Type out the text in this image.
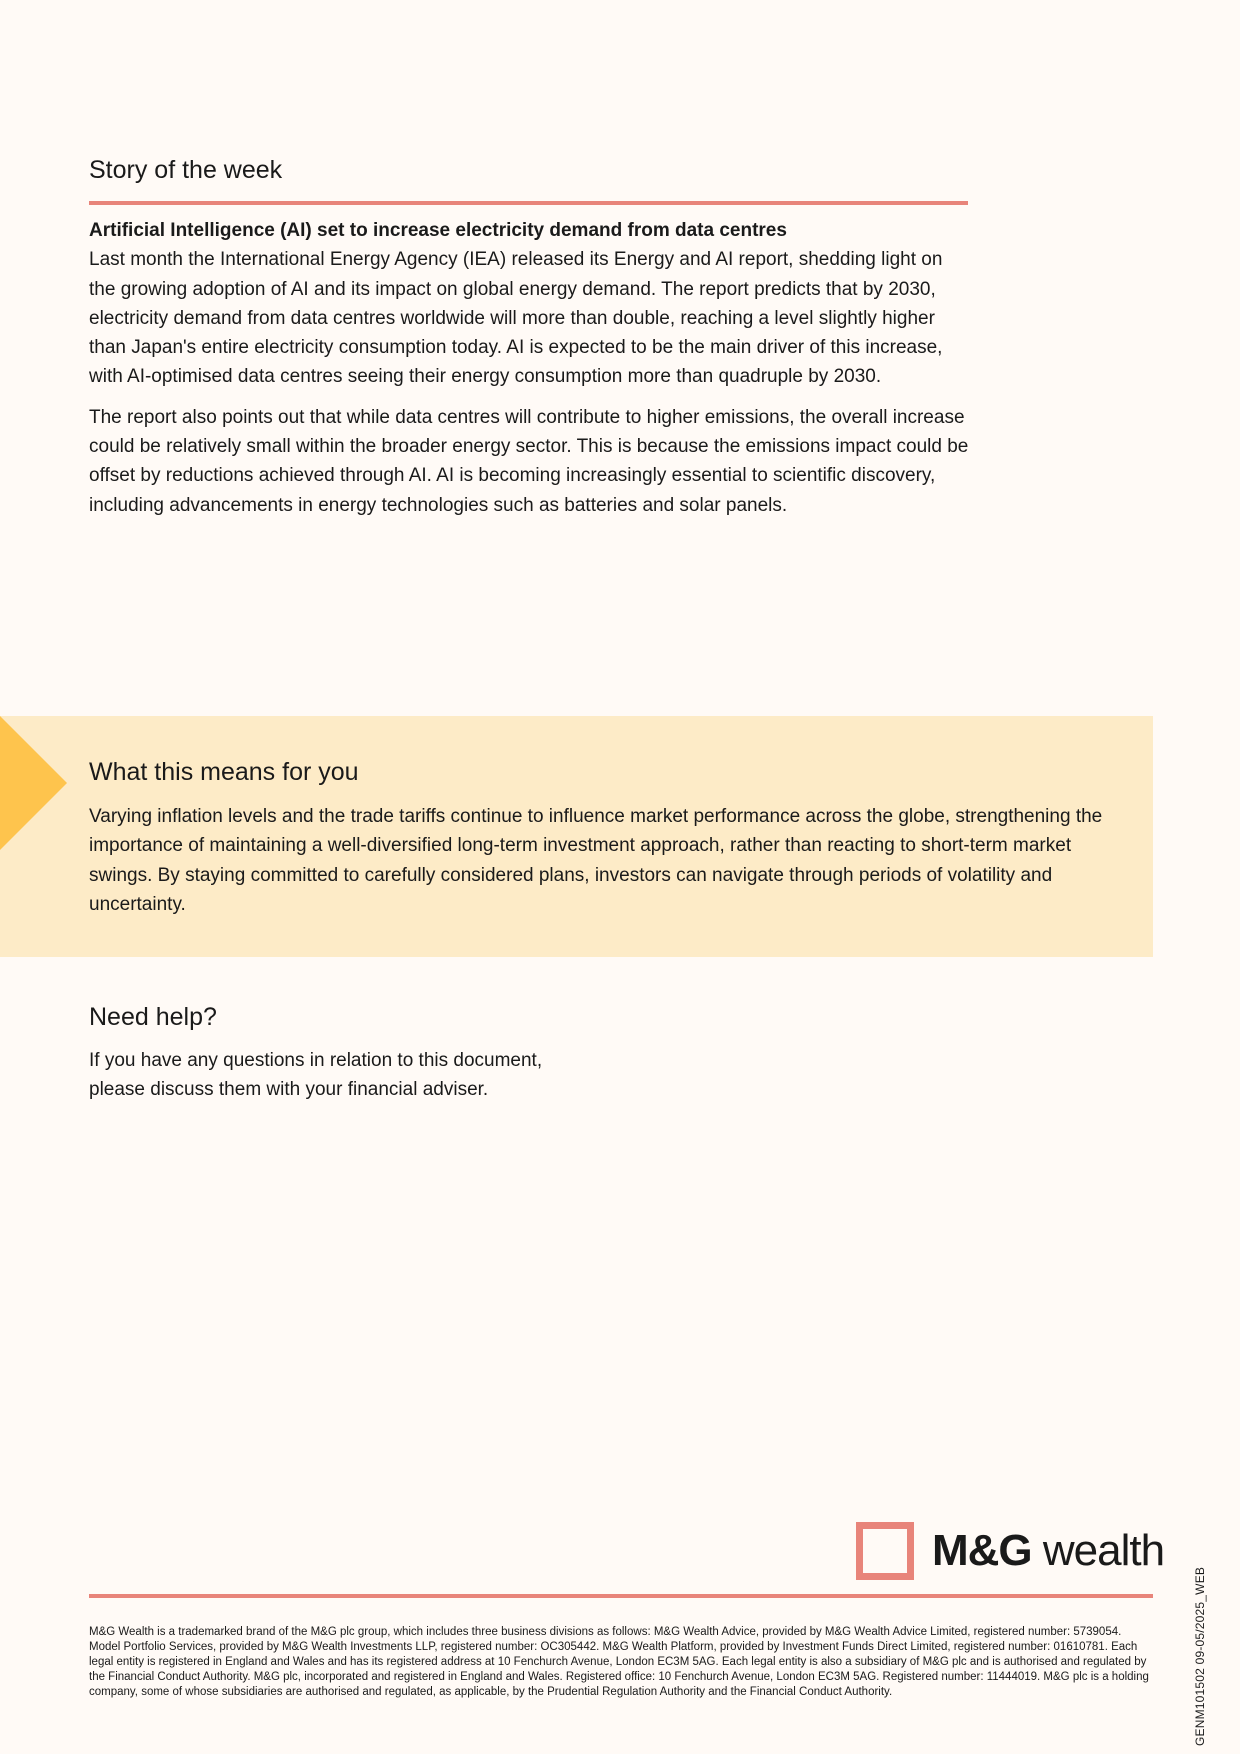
Story of the week

Artificial Intelligence (AI) set to increase electricity demand from data centres

Last month the International Energy Agency (IEA) released its Energy and AI report, shedding light on the growing adoption of AI and its impact on global energy demand. The report predicts that by 2030, electricity demand from data centres worldwide will more than double, reaching a level slightly higher than Japan's entire electricity consumption today. AI is expected to be the main driver of this increase, with AI-optimised data centres seeing their energy consumption more than quadruple by 2030.

The report also points out that while data centres will contribute to higher emissions, the overall increase could be relatively small within the broader energy sector. This is because the emissions impact could be offset by reductions achieved through AI. AI is becoming increasingly essential to scientific discovery, including advancements in energy technologies such as batteries and solar panels.

What this means for you

Varying inflation levels and the trade tariffs continue to influence market performance across the globe, strengthening the importance of maintaining a well-diversified long-term investment approach, rather than reacting to short-term market swings. By staying committed to carefully considered plans, investors can navigate through periods of volatility and uncertainty.

Need help?

If you have any questions in relation to this document,

please discuss them with your financial adviser.

M&G wealth

M&G Wealth is a trademarked brand of the M&G plc group, which includes three business divisions as follows: M&G Wealth Advice, provided by M&G Wealth Advice Limited, registered number: 5739054. Model Portfolio Services, provided by M&G Wealth Investments LLP, registered number: OC305442. M&G Wealth Platform, provided by Investment Funds Direct Limited, registered number: 01610781. Each legal entity is registered in England and Wales and has its registered address at 10 Fenchurch Avenue, London EC3M 5AG. Each legal entity is also a subsidiary of M&G plc and is authorised and regulated by the Financial Conduct Authority. M&G plc, incorporated and registered in England and Wales. Registered office: 10 Fenchurch Avenue, London EC3M 5AG. Registered number: 11444019. M&G plc is a holding company, some of whose subsidiaries are authorised and regulated, as applicable, by the Prudential Regulation Authority and the Financial Conduct Authority.	GENM101502 09-05/2025_WEB
